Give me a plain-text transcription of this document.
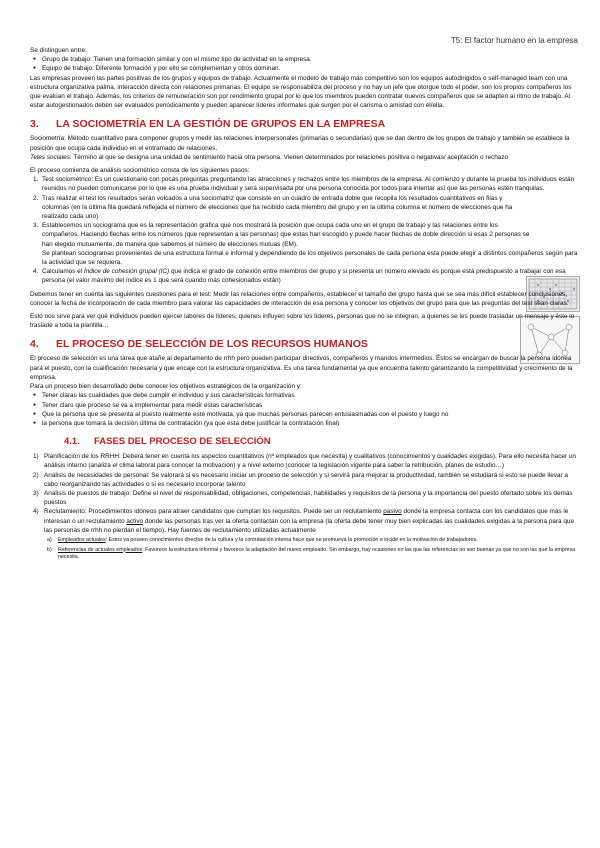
T5: El factor humano en la empresa

Se distinguen entre:

● Grupo de trabajo: Tienen una formación similar y con el mismo tipo de actividad en la empresa.

● Equipo de trabajo: Diferente formación y por ello se complementan y otros dominan.

Las empresas proveen las partes positivas de los grupos y equipos de trabajo. Actualmente el modelo de trabajo más competitivo son los equipos autodirigidos o self-managed team con una estructura organizativa palma, interacción directa con relaciones primarias. El equipo se responsabiliza del proceso y no hay un jefe que otorgue todo el poder, son los propios compañeros los que evalúan el trabajo. Además, los criterios de remuneración son por rendimiento grupal por lo que los miembros pueden contratar nuevos compañeros que se adapten al ritmo de trabajo. Al estar autogestionados deben ser evaluados periódicamente y pueden aparecer líderes informales que surgen por el carisma o amistad con él/ella.

3. LA SOCIOMETRÍA EN LA GESTIÓN DE GRUPOS EN LA EMPRESA

Sociometría: Método cuantitativo para componer grupos y medir las relaciones interpersonales (primarias o secundarias) que se dan dentro de los grupos de trabajo y también se establece la posición que ocupa cada individuo en el entramado de relaciones.

Teles sociales: Término al que se designa una unidad de sentimiento hacia otra persona. Vienen determinados por relaciones positiva o negativas/ aceptación o rechazo

El proceso comienza de análisis sociométrico consta de los siguientes pasos:

1. Test sociométrico: Es un cuestionario con pocas preguntas preguntando las atracciones y rechazos entre los miembros de la empresa. Al comienzo y durante la prueba los individuos están reunidos no pueden comunicarse por lo que es una prueba individual y será supervisada por una persona conocida por todos para intentar así que las personas estén tranquilas.

2. Tras realizar el test los resultados serán volcados a una sociomatriz que consiste en un cuadro de entrada doble que recopila los resultados cuantitativos en filas y columnas (en la última fila quedará reflejada el número de elecciones que ha recibido cada miembro del grupo y en la última columna el número de elecciones que ha realizado cada uno)

3. Establecemos un sociograma que es la representación gráfica que nos mostrará la posición que ocupa cada uno en el grupo de trabajo y las relaciones entre los compañeros. Haciendo flechas entre los números (que representan a las personas) que estas han escogido y puede hacer flechas de doble dirección si esas 2 personas se han elegido mutuamente, de manera que sabemos el número de elecciones mutuas (EM).

Se plantean sociogramas provenientes de una estructura formal e informal y dependiendo de los objetivos personales de cada persona esta puede elegir a distintos compañeros según para la actividad que se requiera.

4. Calculamos el Índice de cohesión grupal (IC) que indica el grado de conexión entre miembros del grupo y si presenta un número elevado es porque está predispuesto a trabajar con esa persona (el valor máximo del índice es 1 que será cuando más cohesionados están)

Debemos tener en cuenta las siguientes cuestiones para el test: Medir las relaciones entre compañeros, establecer el tamaño del grupo hasta que se sea más difícil establecer conclusiones, conocer la fecha de incorporación de cada miembro para valorar las capacidades de interacción de esa persona y conocer los objetivos del grupo para que las preguntas del test sean claras.

Esto nos sirve para ver qué individuos pueden ejercer labores de líderes, quienes influyen sobre los líderes, personas que no se integran, a quienes se les puede trasladar un mensaje y éste lo traslade a toda la plantilla…

4. EL PROCESO DE SELECCIÓN DE LOS RECURSOS HUMANOS

El proceso de selección es una tarea que atañe al departamento de rrhh pero pueden participar directivos, compañeros y mandos intermedios. Éstos se encargan de buscar la persona idónea para el puesto, con la cualificación necesaria y que encaje con la estructura organizativa. Es una tarea fundamental ya que encuentra talento garantizando la competitividad y crecimiento de la empresa.

Para un proceso bien desarrollado debe conocer los objetivos estratégicos de la organización y:

● Tener claras las cualidades que debe cumplir el individuo y sus características formativas

● Tener claro que proceso se va a implementar para medir estas características

● Que la persona que se presenta al puesto realmente esté motivada, ya que muchas personas parecen entusiasmadas con el puesto y luego no

● la persona que tomará la decisión última de contratación (ya que esta debe justificar la contratación final)

4.1. FASES DEL PROCESO DE SELECCIÓN

1) Planificación de los RRHH: Deberá tener en cuenta los aspectos cuantitativos (nº empleados que necesita) y cualitativos (conocimientos y cualidades exigidas). Para ello necesita hacer un análisis interno (analiza el clima laboral para conocer la motivación) y a nivel externo (conocer la legislación vigente para saber la retribución, planes de estudio…)

2) Análisis de necesidades de personal: Se valorará si es necesario iniciar un proceso de selección y si servirá para mejorar la productividad, también se estudiará si esto se puede llevar a cabo reorganizando las actividades o si es necesario incorporar talento

3) Análisis de puestos de trabajo: Define el nivel de responsabilidad, obligaciones, competencias, habilidades y requisitos de la persona y la importancia del puesto ofertado sobre los demás puestos

4) Reclutamiento: Procedimientos idóneos para atraer candidatos que cumplan los requisitos. Puede ser un reclutamiento pasivo donde la empresa contacta con los candidatos que más le interesan o un reclutamiento activo donde las personas tras ver la oferta contactan con la empresa (la oferta debe tener muy bien explicadas las cualidades exigidas a la persona para que las personas de rrhh no pierdan el tiempo). Hay fuentes de reclutamiento utilizadas actualmente

a) Empleados actuales: Estos ya poseen conocimientos directos de la cultura y la contratación interna hace que se promueva la promoción e incide en la motivación de trabajadores.

b) Referencias de actuales empleados: Favorece la estructura informal y favorece la adaptación del nuevo empleado. Sin embargo, hay ocasiones en las que las referencias no son buenas ya que no son las que la empresa necesita.
